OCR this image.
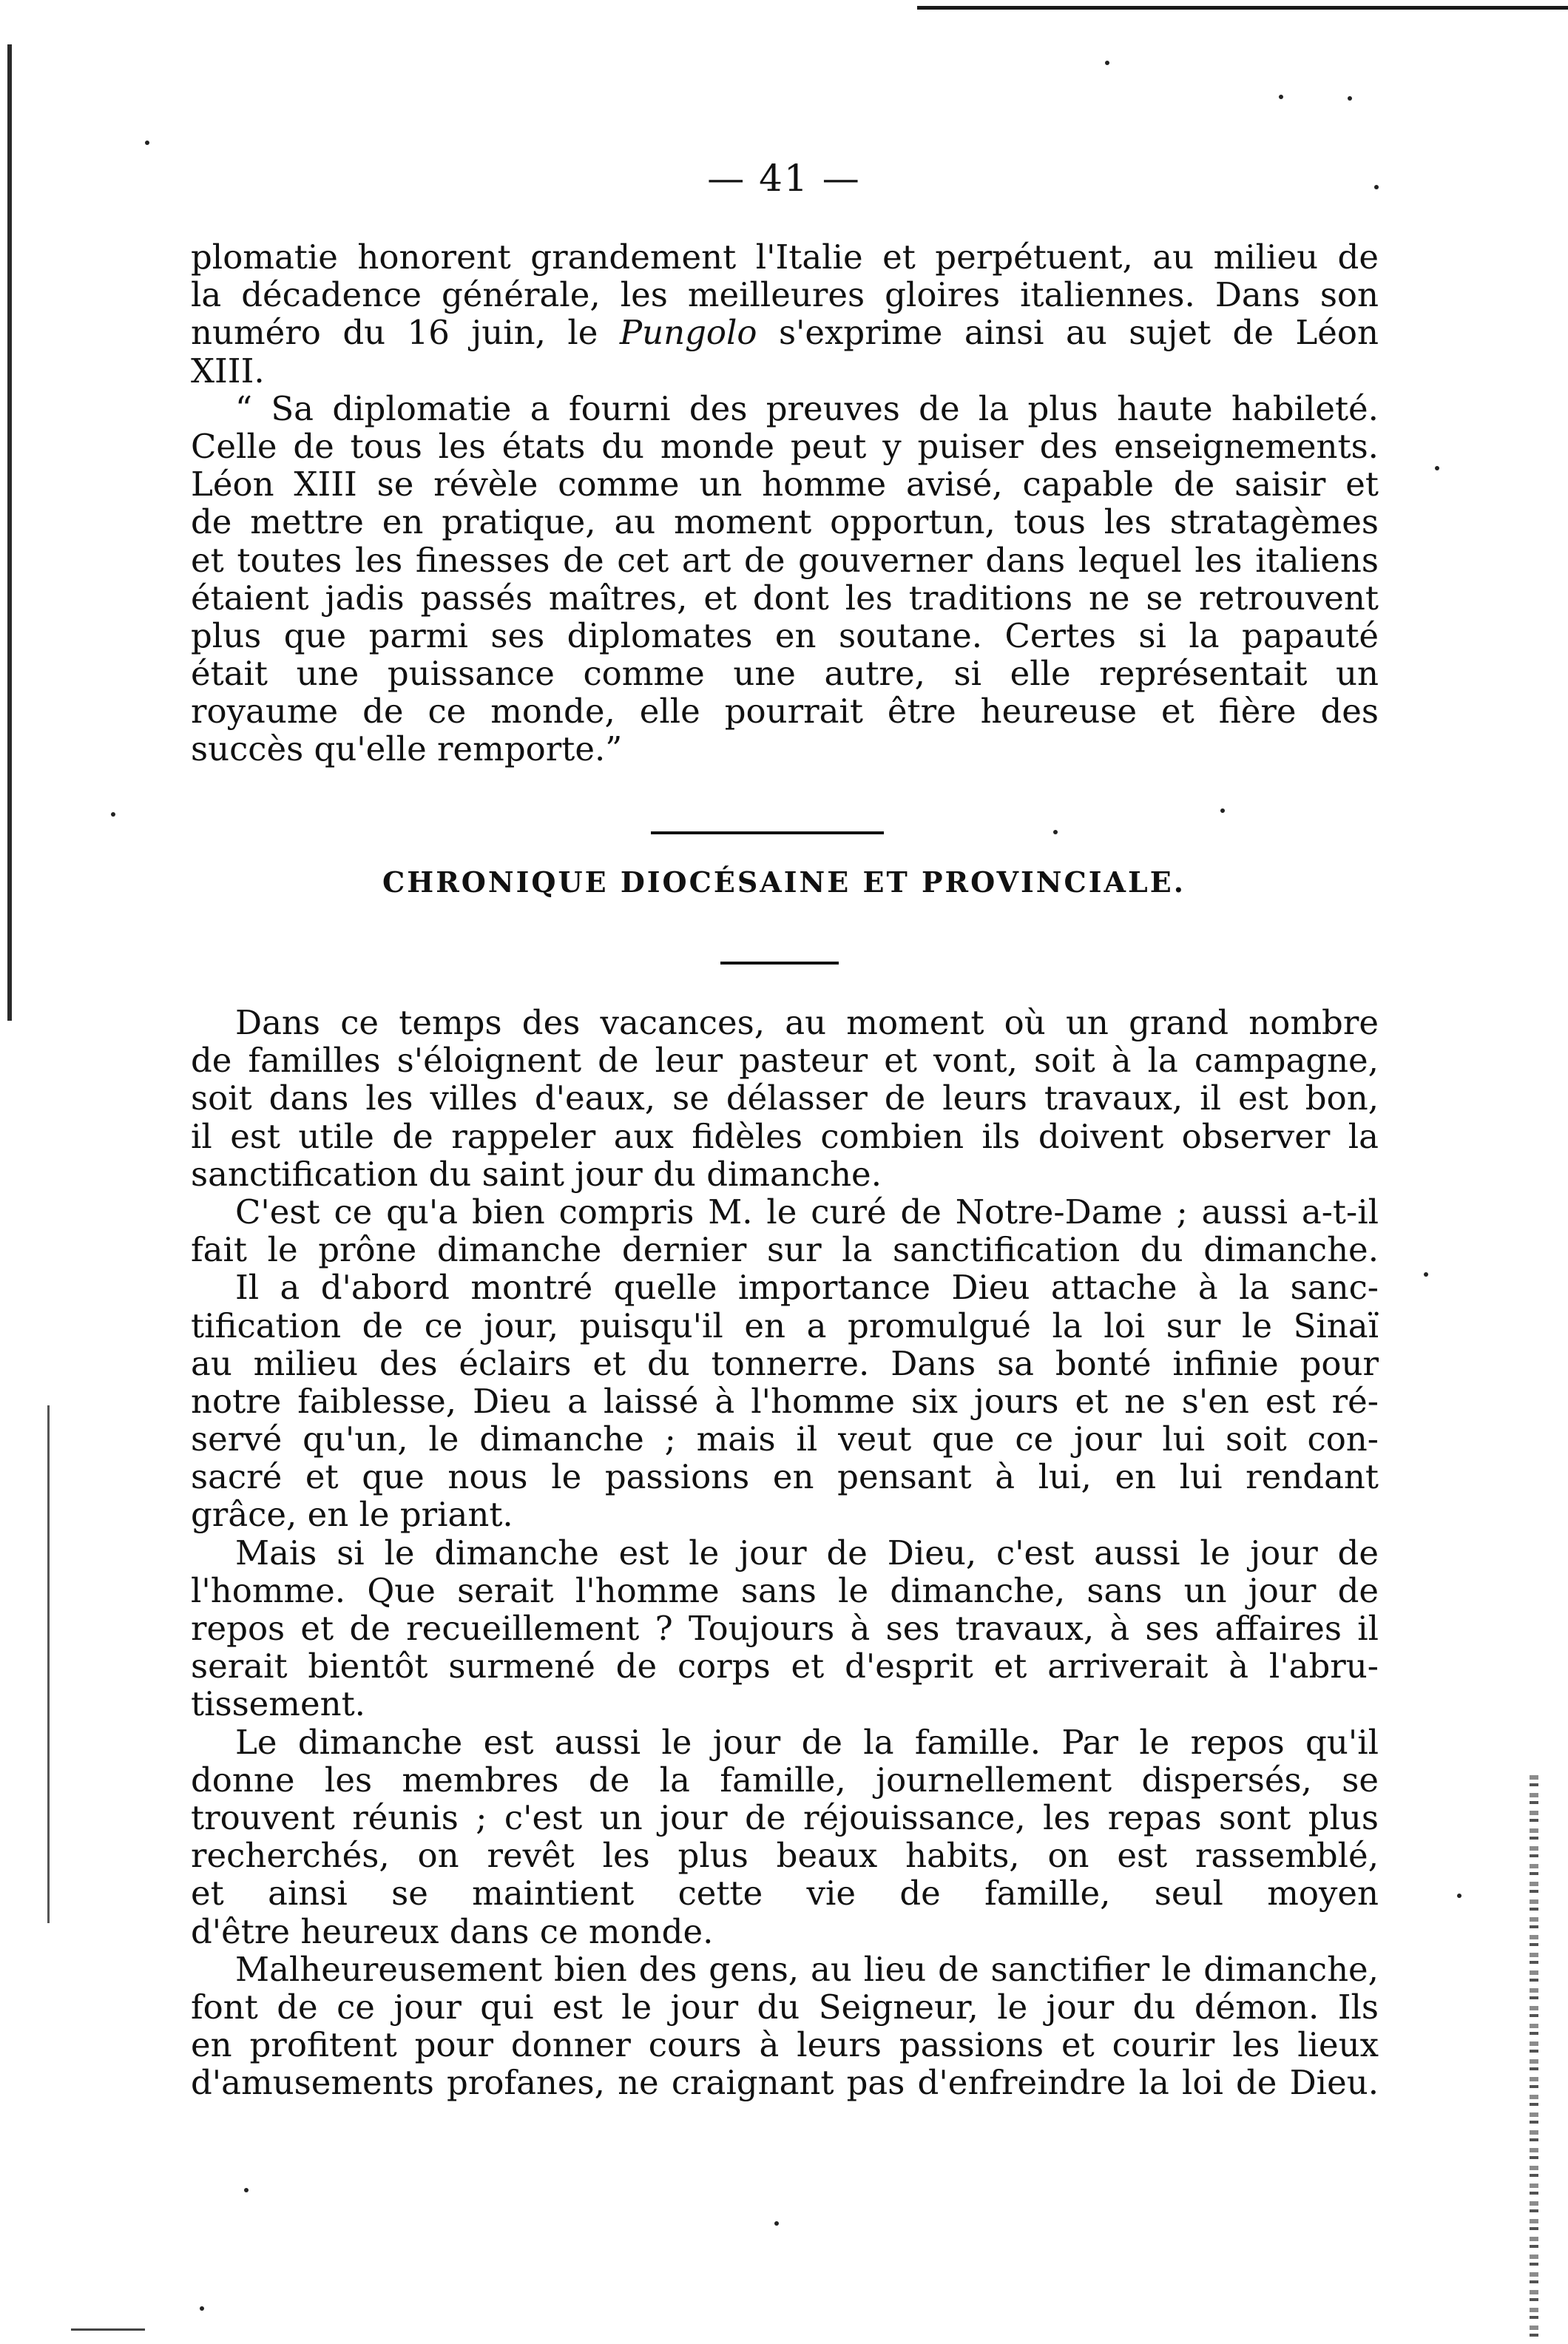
— 41 —
plomatie honorent grandement l'Italie et perpétuent, au milieu de
la décadence générale, les meilleures gloires italiennes. Dans son
numéro du 16 juin, le Pungolo s'exprime ainsi au sujet de Léon
XIII.
“ Sa diplomatie a fourni des preuves de la plus haute habileté.
Celle de tous les états du monde peut y puiser des enseignements.
Léon XIII se révèle comme un homme avisé, capable de saisir et
de mettre en pratique, au moment opportun, tous les stratagèmes
et toutes les finesses de cet art de gouverner dans lequel les italiens
étaient jadis passés maîtres, et dont les traditions ne se retrouvent
plus que parmi ses diplomates en soutane. Certes si la papauté
était une puissance comme une autre, si elle représentait un
royaume de ce monde, elle pourrait être heureuse et fière des
succès qu'elle remporte.”
CHRONIQUE DIOCÉSAINE ET PROVINCIALE.
Dans ce temps des vacances, au moment où un grand nombre
de familles s'éloignent de leur pasteur et vont, soit à la campagne,
soit dans les villes d'eaux, se délasser de leurs travaux, il est bon,
il est utile de rappeler aux fidèles combien ils doivent observer la
sanctification du saint jour du dimanche.
C'est ce qu'a bien compris M. le curé de Notre-Dame ; aussi a-t-il
fait le prône dimanche dernier sur la sanctification du dimanche.
Il a d'abord montré quelle importance Dieu attache à la sanc-
tification de ce jour, puisqu'il en a promulgué la loi sur le Sinaï
au milieu des éclairs et du tonnerre. Dans sa bonté infinie pour
notre faiblesse, Dieu a laissé à l'homme six jours et ne s'en est ré-
servé qu'un, le dimanche ; mais il veut que ce jour lui soit con-
sacré et que nous le passions en pensant à lui, en lui rendant
grâce, en le priant.
Mais si le dimanche est le jour de Dieu, c'est aussi le jour de
l'homme. Que serait l'homme sans le dimanche, sans un jour de
repos et de recueillement ? Toujours à ses travaux, à ses affaires il
serait bientôt surmené de corps et d'esprit et arriverait à l'abru-
tissement.
Le dimanche est aussi le jour de la famille. Par le repos qu'il
donne les membres de la famille, journellement dispersés, se
trouvent réunis ; c'est un jour de réjouissance, les repas sont plus
recherchés, on revêt les plus beaux habits, on est rassemblé,
et ainsi se maintient cette vie de famille, seul moyen
d'être heureux dans ce monde.
Malheureusement bien des gens, au lieu de sanctifier le dimanche,
font de ce jour qui est le jour du Seigneur, le jour du démon. Ils
en profitent pour donner cours à leurs passions et courir les lieux
d'amusements profanes, ne craignant pas d'enfreindre la loi de Dieu.
